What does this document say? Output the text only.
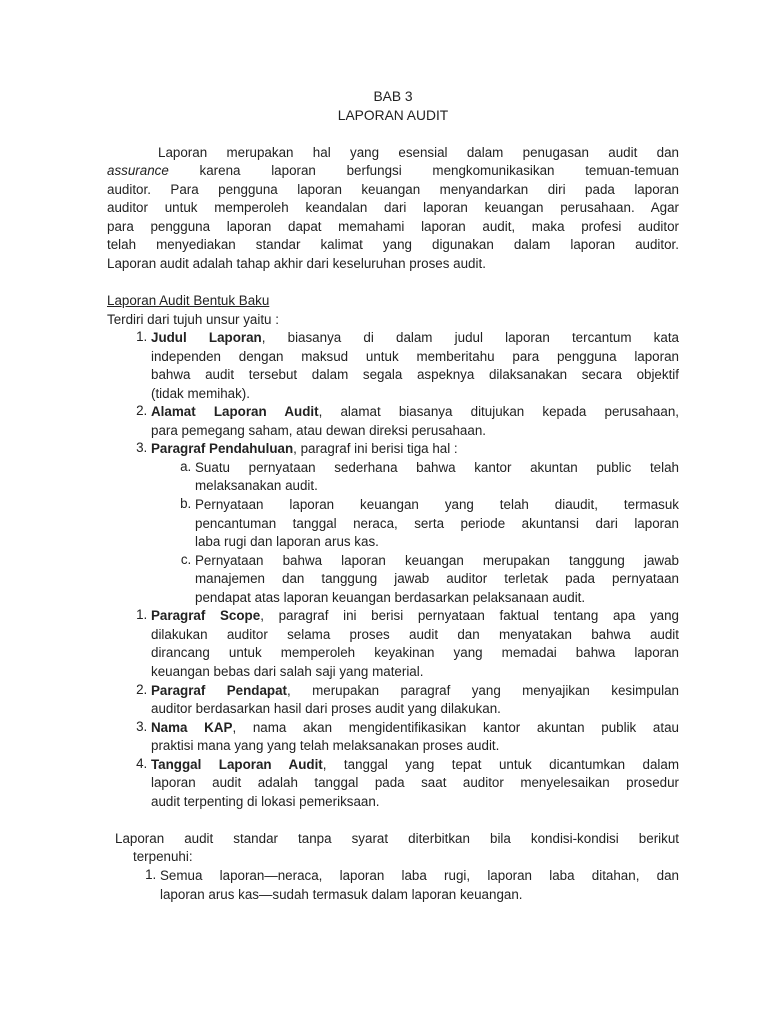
BAB 3
LAPORAN AUDIT
Laporan merupakan hal yang esensial dalam penugasan audit dan
assurance karena laporan berfungsi mengkomunikasikan temuan-temuan
auditor. Para pengguna laporan keuangan menyandarkan diri pada laporan
auditor untuk memperoleh keandalan dari laporan keuangan perusahaan. Agar
para pengguna laporan dapat memahami laporan audit, maka profesi auditor
telah menyediakan standar kalimat yang digunakan dalam laporan auditor.
Laporan audit adalah tahap akhir dari keseluruhan proses audit.
Laporan Audit Bentuk Baku
Terdiri dari tujuh unsur yaitu :
1. Judul Laporan, biasanya di dalam judul laporan tercantum kata
independen dengan maksud untuk memberitahu para pengguna laporan
bahwa audit tersebut dalam segala aspeknya dilaksanakan secara objektif
(tidak memihak).
2. Alamat Laporan Audit, alamat biasanya ditujukan kepada perusahaan,
para pemegang saham, atau dewan direksi perusahaan.
3. Paragraf Pendahuluan, paragraf ini berisi tiga hal :
a. Suatu pernyataan sederhana bahwa kantor akuntan public telah
melaksanakan audit.
b. Pernyataan laporan keuangan yang telah diaudit, termasuk
pencantuman tanggal neraca, serta periode akuntansi dari laporan
laba rugi dan laporan arus kas.
c. Pernyataan bahwa laporan keuangan merupakan tanggung jawab
manajemen dan tanggung jawab auditor terletak pada pernyataan
pendapat atas laporan keuangan berdasarkan pelaksanaan audit.
1. Paragraf Scope, paragraf ini berisi pernyataan faktual tentang apa yang
dilakukan auditor selama proses audit dan menyatakan bahwa audit
dirancang untuk memperoleh keyakinan yang memadai bahwa laporan
keuangan bebas dari salah saji yang material.
2. Paragraf Pendapat, merupakan paragraf yang menyajikan kesimpulan
auditor berdasarkan hasil dari proses audit yang dilakukan.
3. Nama KAP, nama akan mengidentifikasikan kantor akuntan publik atau
praktisi mana yang yang telah melaksanakan proses audit.
4. Tanggal Laporan Audit, tanggal yang tepat untuk dicantumkan dalam
laporan audit adalah tanggal pada saat auditor menyelesaikan prosedur
audit terpenting di lokasi pemeriksaan.
Laporan audit standar tanpa syarat diterbitkan bila kondisi-kondisi berikut
terpenuhi:
1. Semua laporan—neraca, laporan laba rugi, laporan laba ditahan, dan
laporan arus kas—sudah termasuk dalam laporan keuangan.
